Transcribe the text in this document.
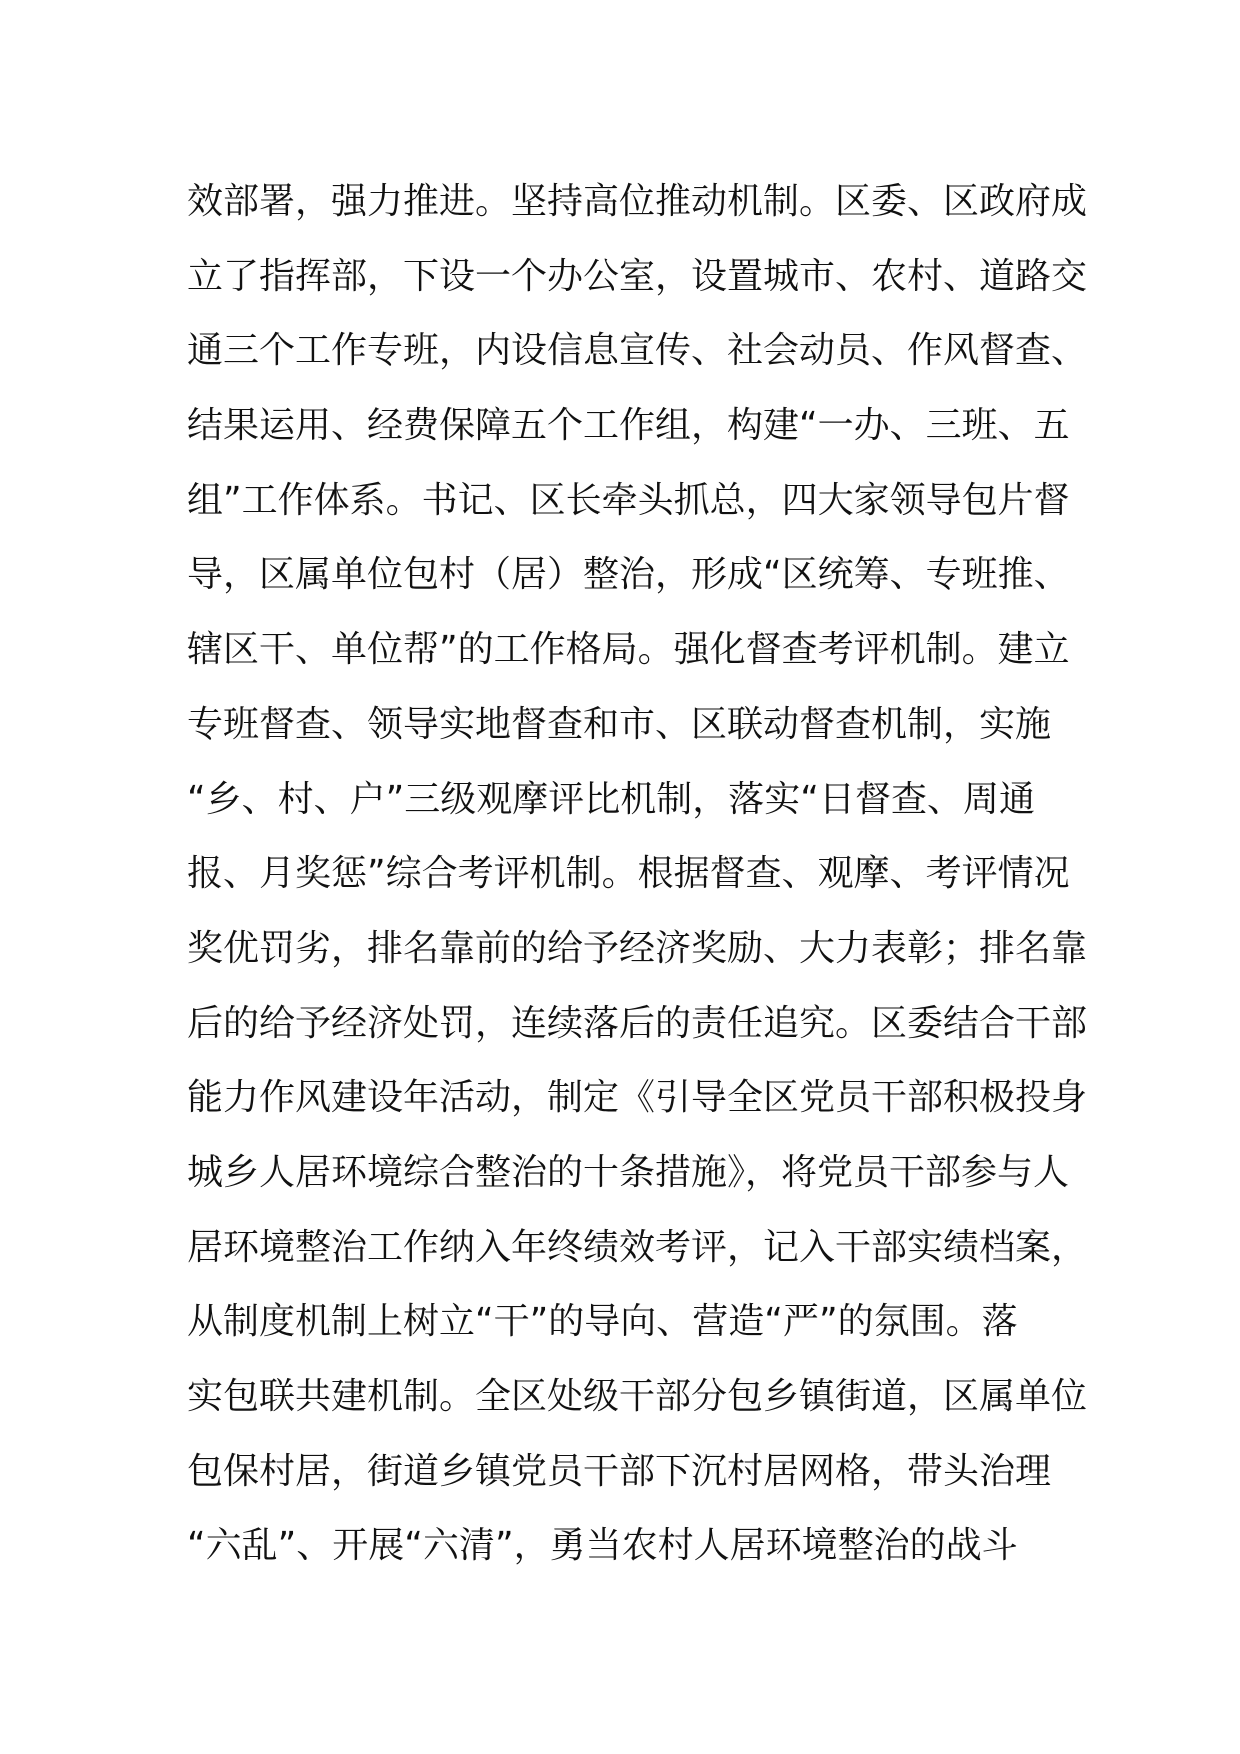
效部署，强力推进。坚持高位推动机制。区委、区政府成
立了指挥部，下设一个办公室，设置城市、农村、道路交
通三个工作专班，内设信息宣传、社会动员、作风督查、
结果运用、经费保障五个工作组，构建“一办、三班、五
组”工作体系。书记、区长牵头抓总，四大家领导包片督
导，区属单位包村（居）整治，形成“区统筹、专班推、
辖区干、单位帮”的工作格局。强化督查考评机制。建立
专班督查、领导实地督查和市、区联动督查机制，实施
“乡、村、户”三级观摩评比机制，落实“日督查、周通
报、月奖惩”综合考评机制。根据督查、观摩、考评情况
奖优罚劣，排名靠前的给予经济奖励、大力表彰；排名靠
后的给予经济处罚，连续落后的责任追究。区委结合干部
能力作风建设年活动，制定《引导全区党员干部积极投身
城乡人居环境综合整治的十条措施》，将党员干部参与人
居环境整治工作纳入年终绩效考评，记入干部实绩档案，
从制度机制上树立“干”的导向、营造“严”的氛围。落
实包联共建机制。全区处级干部分包乡镇街道，区属单位
包保村居，街道乡镇党员干部下沉村居网格，带头治理
“六乱”、开展“六清”，勇当农村人居环境整治的战斗
